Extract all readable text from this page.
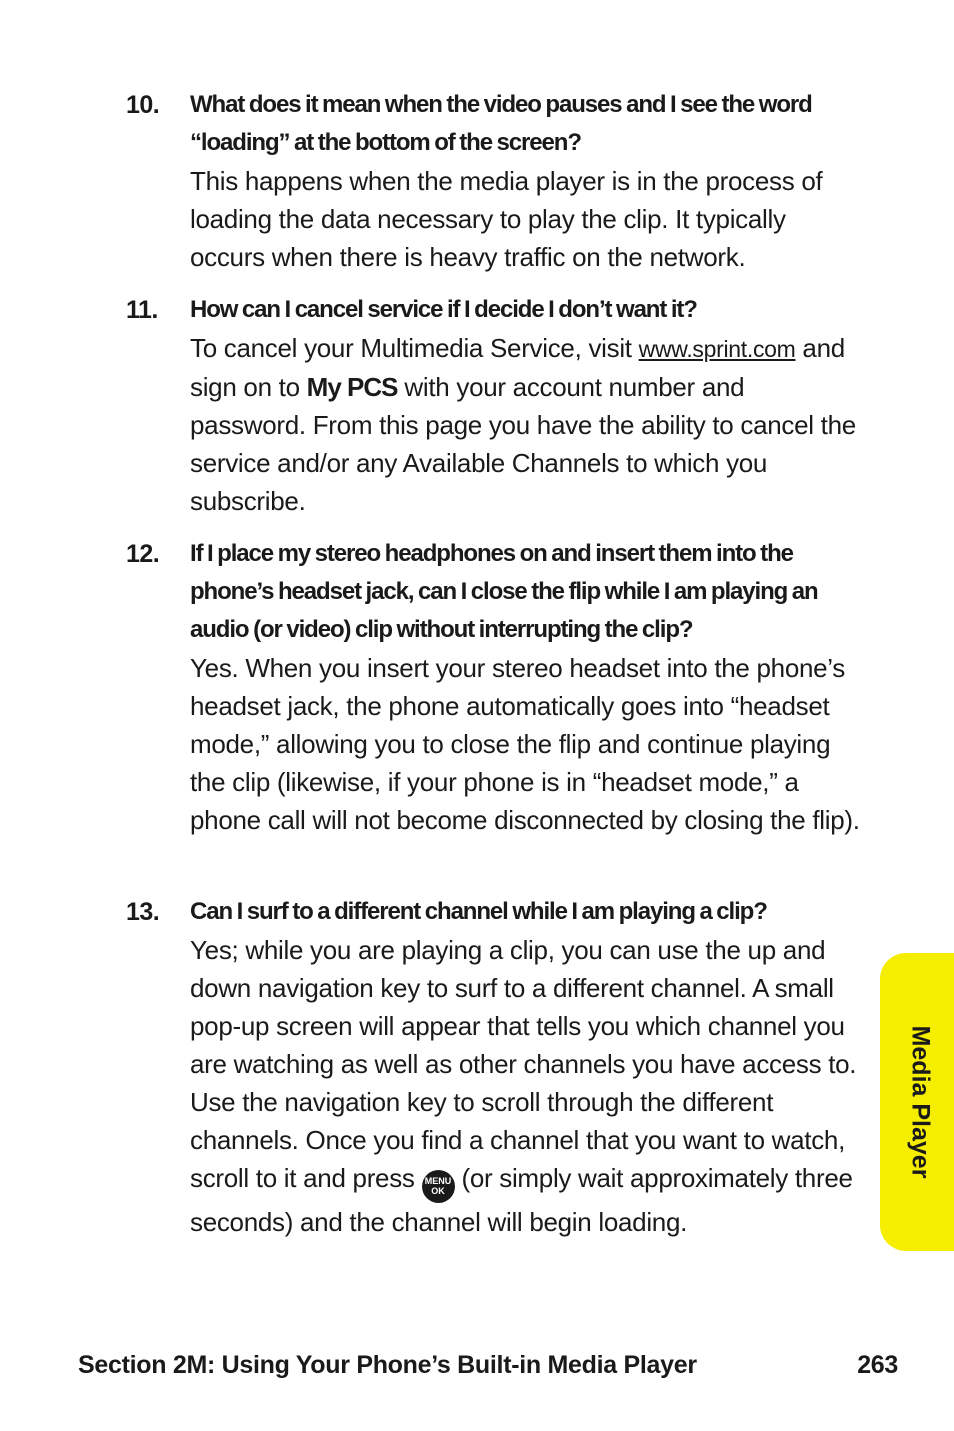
10.	What does it mean when the video pauses and I see the word “loading” at the bottom of the screen?
This happens when the media player is in the process of loading the data necessary to play the clip. It typically occurs when there is heavy traffic on the network.
11.	How can I cancel service if I decide I don’t want it?
To cancel your Multimedia Service, visit www.sprint.com and sign on to My PCS with your account number and password. From this page you have the ability to cancel the service and/or any Available Channels to which you subscribe.
12.	If I place my stereo headphones on and insert them into the phone’s headset jack, can I close the flip while I am playing an audio (or video) clip without interrupting the clip?
Yes. When you insert your stereo headset into the phone’s headset jack, the phone automatically goes into “headset mode,” allowing you to close the flip and continue playing the clip (likewise, if your phone is in “headset mode,” a phone call will not become disconnected by closing the flip).
13.	Can I surf to a different channel while I am playing a clip?
Yes; while you are playing a clip, you can use the up and down navigation key to surf to a different channel. A small pop-up screen will appear that tells you which channel you are watching as well as other channels you have access to. Use the navigation key to scroll through the different channels. Once you find a channel that you want to watch, scroll to it and press MENU
OK (or simply wait approximately three seconds) and the channel will begin loading.
Media Player
Section 2M: Using Your Phone’s Built-in Media Player	263
